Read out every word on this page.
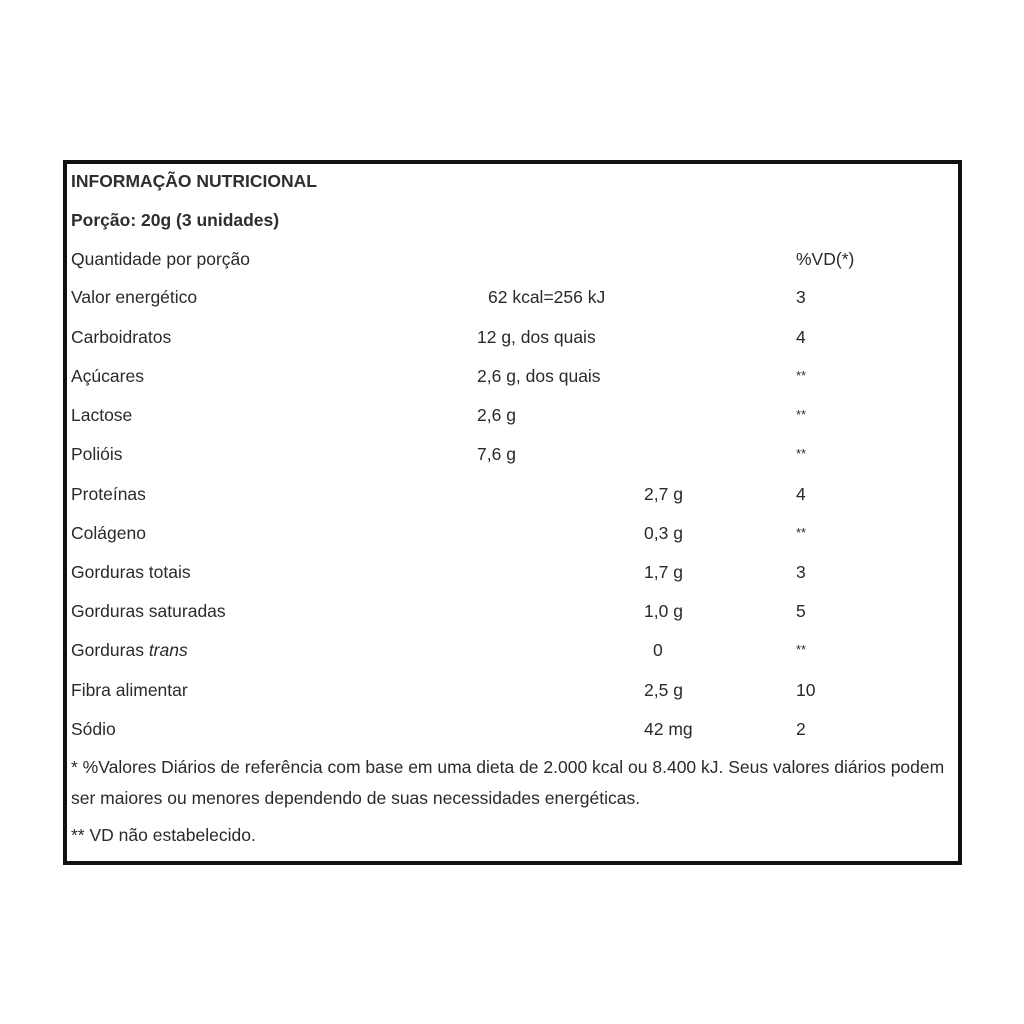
INFORMAÇÃO NUTRICIONAL
Porção: 20g (3 unidades)
Quantidade por porção	%VD(*)
Valor energético	62 kcal=256 kJ	3
Carboidratos	12 g, dos quais	4
Açúcares	2,6 g, dos quais	**
Lactose	2,6 g	**
Polióis	7,6 g	**
Proteínas	2,7 g	4
Colágeno	0,3 g	**
Gorduras totais	1,7 g	3
Gorduras saturadas	1,0 g	5
Gorduras trans	0	**
Fibra alimentar	2,5 g	10
Sódio	42 mg	2
* %Valores Diários de referência com base em uma dieta de 2.000 kcal ou 8.400 kJ. Seus valores diários podem ser maiores ou menores dependendo de suas necessidades energéticas.
** VD não estabelecido.
